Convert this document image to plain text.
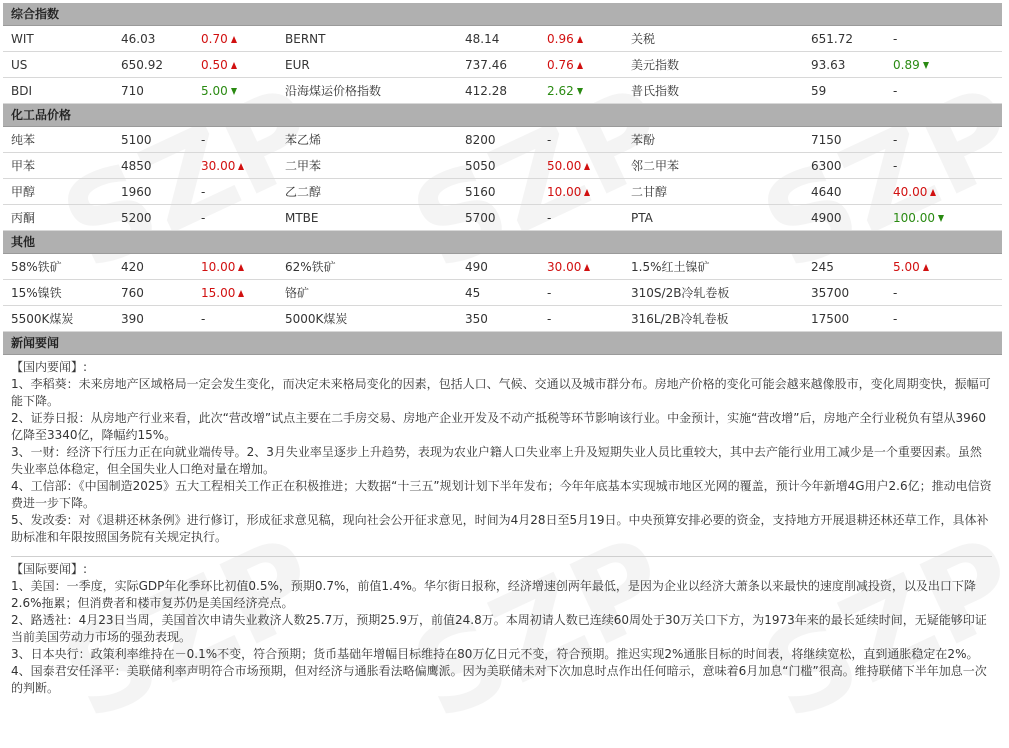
综合指数
WIT	46.03	0.70	BERNT	48.14	0.96	关税	651.72	-
US	650.92	0.50	EUR	737.46	0.76	美元指数	93.63	0.89
BDI	710	5.00	沿海煤运价格指数	412.28	2.62	普氏指数	59	-
化工品价格
纯苯	5100	-	苯乙烯	8200	-	苯酚	7150	-
甲苯	4850	30.00	二甲苯	5050	50.00	邻二甲苯	6300	-
甲醇	1960	-	乙二醇	5160	10.00	二甘醇	4640	40.00
丙酮	5200	-	MTBE	5700	-	PTA	4900	100.00
其他
58%铁矿	420	10.00	62%铁矿	490	30.00	1.5%红土镍矿	245	5.00
15%镍铁	760	15.00	铬矿	45	-	310S/2B冷轧卷板	35700	-
5500K煤炭	390	-	5000K煤炭	350	-	316L/2B冷轧卷板	17500	-
新闻要闻

【国内要闻】:

1、李稻葵：未来房地产区域格局一定会发生变化，而决定未来格局变化的因素，包括人口、气候、交通以及城市群分布。房地产价格的变化可能会越来越像股市，变化周期变快，振幅可能下降。

2、证券日报：从房地产行业来看，此次“营改增”试点主要在二手房交易、房地产企业开发及不动产抵税等环节影响该行业。中金预计，实施“营改增”后，房地产全行业税负有望从3960亿降至3340亿，降幅约15%。

3、一财：经济下行压力正在向就业端传导。2、3月失业率呈逐步上升趋势，表现为农业户籍人口失业率上升及短期失业人员比重较大，其中去产能行业用工减少是一个重要因素。虽然失业率总体稳定，但全国失业人口绝对量在增加。

4、工信部：《中国制造2025》五大工程相关工作正在积极推进；大数据“十三五”规划计划下半年发布；今年年底基本实现城市地区光网的覆盖，预计今年新增4G用户2.6亿；推动电信资费进一步下降。

5、发改委：对《退耕还林条例》进行修订，形成征求意见稿，现向社会公开征求意见，时间为4月28日至5月19日。中央预算安排必要的资金，支持地方开展退耕还林还草工作，具体补助标准和年限按照国务院有关规定执行。

【国际要闻】:

1、美国：一季度，实际GDP年化季环比初值0.5%，预期0.7%，前值1.4%。华尔街日报称，经济增速创两年最低，是因为企业以经济大萧条以来最快的速度削减投资，以及出口下降2.6%拖累；但消费者和楼市复苏仍是美国经济亮点。

2、路透社：4月23日当周，美国首次申请失业救济人数25.7万，预期25.9万，前值24.8万。本周初请人数已连续60周处于30万关口下方，为1973年来的最长延续时间，无疑能够印证当前美国劳动力市场的强劲表现。

3、日本央行：政策利率维持在－0.1%不变，符合预期；货币基础年增幅目标维持在80万亿日元不变，符合预期。推迟实现2%通胀目标的时间表，将继续宽松，直到通胀稳定在2%。

4、国泰君安任泽平：美联储利率声明符合市场预期，但对经济与通胀看法略偏鹰派。因为美联储未对下次加息时点作出任何暗示，意味着6月加息“门槛”很高。维持联储下半年加息一次的判断。
